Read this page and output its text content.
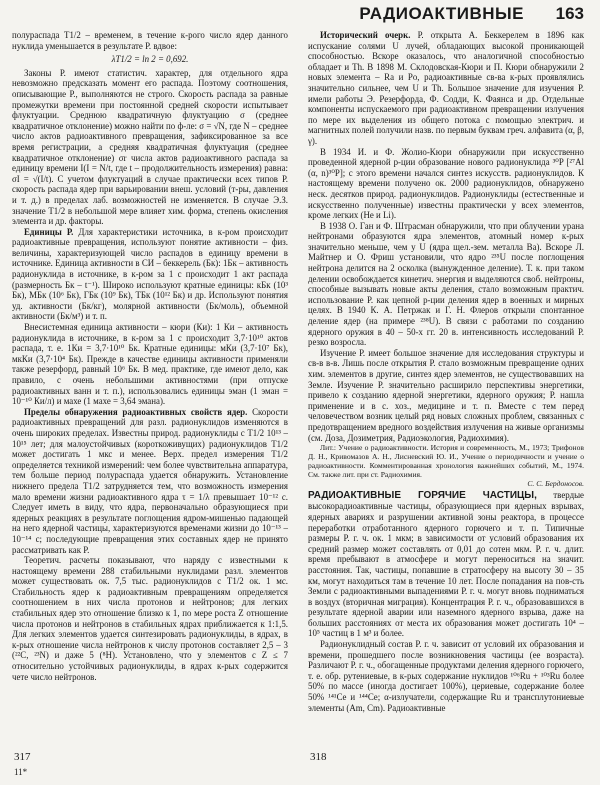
РАДИОАКТИВНЫЕ 163

полураспада T1/2 – временем, в течение к-рого число ядер данного нуклида уменьшается в результате Р. вдвое:

λT1/2 = ln 2 = 0,692.

Законы Р. имеют статистич. характер, для отдельного ядра невозможно предсказать момент его распада. Поэтому соотношения, описывающие Р., выполняются не строго. Скорость распада за равные промежутки времени при постоянной средней скорости испытывает флуктуации. Среднюю квадратичную флуктуацию σ (среднее квадратичное отклонение) можно найти по ф-ле: σ = √N, где N – среднее число актов радиоактивного превращения, зафиксированное за все время регистрации, а средняя квадратичная флуктуация (среднее квадратичное отклонение) σr числа актов радиоактивного распада за единицу времени I(I = N/t, где t – продолжительность измерения) равна: σI = √(I/t). С учетом флуктуаций в случае практически всех типов Р. скорость распада ядер при варьировании внеш. условий (т-ры, давления и т. д.) в пределах лаб. возможностей не изменяется. В случае Э.З. значение T1/2 в небольшой мере влияет хим. форма, степень окисления элемента и др. факторы.

Единицы Р. Для характеристики источника, в к-ром происходит радиоактивные превращения, используют понятие активности – физ. величины, характеризующей число распадов в единицу времени в источнике. Единица активности в СИ – беккерель (Бк): 1Бк – активность радионуклида в источнике, в к-ром за 1 с происходит 1 акт распада (размерность Бк – t⁻¹). Широко используют кратные единицы: кБк (10³ Бк), МБк (10⁶ Бк), ГБк (10⁹ Бк), ТБк (10¹² Бк) и др. Используют понятия уд. активности (Бк/кг), молярной активности (Бк/моль), объемной активности (Бк/м³) и т. п.

Внесистемная единица активности – кюри (Ки): 1 Ки – активность радионуклида в источнике, в к-ром за 1 с происходит 3,7·10¹⁰ актов распада, т. е. 1Ки = 3,7·10¹⁰ Бк. Кратные единицы: мКи (3,7·10⁷ Бк), мкКи (3,7·10⁴ Бк). Прежде в качестве единицы активности применяли также резерфорд, равный 10⁶ Бк. В мед. практике, где имеют дело, как правило, с очень небольшими активностями (при отпуске радиоактивных ванн и т. п.), использовались единицы эман (1 эман = 10⁻¹⁰ Ки/л) и махе (1 махе = 3,64 эмана).

Пределы обнаружения радиоактивных свойств ядер. Скорости радиоактивных превращений для разл. радионуклидов изменяются в очень широких пределах. Известны природ. радионуклиды с T1/2 10¹³ – 10¹⁵ лет; для малоустойчивых (короткоживущих) радионуклидов T1/2 может достигать 1 мкс и менее. Верх. предел измерения T1/2 определяется техникой измерений: чем более чувствительна аппаратура, тем больше период полураспада удается обнаружить. Установление нижнего предела T1/2 затрудняется тем, что возможность измерения мало времени жизни радиоактивного ядра τ = 1/λ превышает 10⁻¹² с. Следует иметь в виду, что ядра, первоначально образующиеся при ядерных реакциях в результате поглощения ядром-мишенью падающей на него ядерной частицы, характеризуются временами жизни до 10⁻¹³ – 10⁻¹⁴ с; последующие превращения этих составных ядер не принято рассматривать как Р.

Теоретич. расчеты показывают, что наряду с известными к настоящему времени 288 стабильными нуклидами разл. элементов может существовать ок. 7,5 тыс. радионуклидов с T1/2 ок. 1 мс. Стабильность ядер к радиоактивным превращениям определяется соотношением в них числа протонов и нейтронов; для легких стабильных ядер это отношение близко к 1, по мере роста Z отношение числа протонов и нейтронов в стабильных ядрах приближается к 1:1,5. Для легких элементов удается синтезировать радионуклиды, в ядрах, в к-рых отношение числа нейтронов к числу протонов составляет 2,5 – 3 (²²C, ²³N) и даже 5 (⁸H). Установлено, что у элементов с Z ≤ 7 относительно устойчивых радионуклиды, в ядрах к-рых содержится чете число нейтронов.

Исторический очерк. Р. открыта А. Беккерелем в 1896 как испускание солями U лучей, обладающих высокой проникающей способностью. Вскоре оказалось, что аналогичной способностью обладает и Th. В 1898 М. Склодовская-Кюри и П. Кюри обнаружили 2 новых элемента – Ra и Po, радиоактивные св-ва к-рых проявлялись значительно сильнее, чем U и Th. Большое значение для изучения Р. имели работы Э. Резерфорда, Ф. Содди, К. Фаянса и др. Отдельные компоненты испускаемого при радиоактивном превращении излучения по мере их выделения из общего потока с помощью электрич. и магнитных полей получили назв. по первым буквам греч. алфавита (α, β, γ).

В 1934 И. и Ф. Жолио-Кюри обнаружили при искусственно проведенной ядерной р-ции образование нового радионуклида ³⁰P [²⁷Al (α, n)³⁰P]; с этого времени начался синтез искусств. радионуклидов. К настоящему времени получено ок. 2000 радионуклидов, обнаружено неск. десятков природ. радионуклидов. Радионуклиды (естественные и искусственно полученные) известны практически у всех элементов, кроме легких (Не и Li).

В 1938 О. Ган и Ф. Штрасман обнаружили, что при облучении урана нейтронами образуются ядра элементов, атомный номер к-рых значительно меньше, чем у U (ядра щел.-зем. металла Ba). Вскоре Л. Майтнер и О. Фриш установили, что ядро ²³⁵U после поглощения нейтрона делится на 2 осколка (вынужденное деление). Т. к. при таком делении освобождается кинетич. энергия и выделяются своб. нейтроны, способные вызывать новые акты деления, стало возможным практич. использование Р. как цепной р-ции деления ядер в военных и мирных целях. В 1940 К. А. Петржак и Г. Н. Флеров открыли спонтанное деление ядер (на примере ²³⁸U). В связи с работами по созданию ядерного оружия в 40 – 50-х гг. 20 в. интенсивность исследований Р. резко возросла.

Изучение Р. имеет большое значение для исследования структуры и св-в в-в. Лишь после открытия Р. стало возможным превращение одних хим. элементов в другие, синтез ядер элементов, не существовавших на Земле. Изучение Р. значительно расширило перспективы энергетики, привело к созданию ядерной энергетики, ядерного оружия; Р. нашла применение и в с. хоз., медицине и т. п. Вместе с тем перед человечеством возник целый ряд новых сложных проблем, связанных с предотвращением вредного воздействия излучения на живые организмы (см. Доза, Дозиметрия, Радиоэкология, Радиохимия).

Лит.: Учение о радиоактивности. История и современность, М., 1973; Трифонов Д. Н., Кривомазов А. Н., Лисневский Ю. И., Учение о периодичности и учение о радиоактивности. Комментированная хронология важнейших событий, М., 1974. См. также лит. при ст. Радиохимия.

С. С. Бердоносов.

РАДИОАКТИВНЫЕ ГОРЯЧИЕ ЧАСТИЦЫ, твердые высокорадиоактивные частицы, образующиеся при ядерных взрывах, ядерных авариях и разрушении активной зоны реактора, в процессе переработки отработанного ядерного горючего и т. п. Типичные размеры Р. г. ч. ок. 1 мкм; в зависимости от условий образования их средний размер может составлять от 0,01 до сотен мкм. Р. г. ч. длит. время пребывают в атмосфере и могут переноситься на значит. расстояния. Так, частицы, попавшие в стратосферу на высоту 30 – 35 км, могут находиться там в течение 10 лет. После попадания на пов-сть Земли с радиоактивными выпадениями Р. г. ч. могут вновь подниматься в воздух (вторичная миграция). Концентрация Р. г. ч., образовавшихся в результате ядерной аварии или наземного ядерного взрыва, даже на больших расстояниях от места их образования может достигать 10⁴ – 10⁵ частиц в 1 м³ и более.

Радионуклидный состав Р. г. ч. зависит от условий их образования и времени, прошедшего после возникновения частицы (ее возраста). Различают Р. г. ч., обогащенные продуктами деления ядерного горючего, т. е. обр. рутениевые, в к-рых содержание нуклидов ¹⁰⁶Ru + ¹⁰³Ru более 50% по массе (иногда достигает 100%), цериевые, содержание более 50% ¹⁴¹Ce и ¹⁴⁴Ce; α-излучатели, содержащие Ru и трансплутониевые элементы (Am, Cm). Радиоактивные

317
11*
318
